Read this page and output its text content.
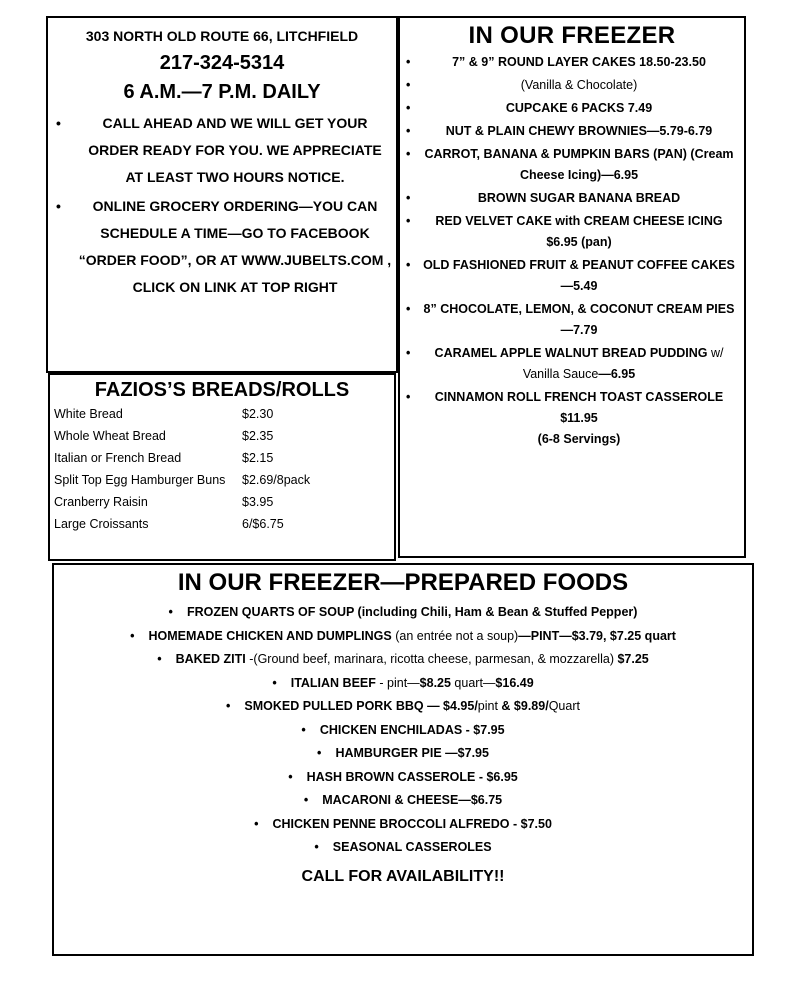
303 NORTH OLD ROUTE 66, LITCHFIELD
217-324-5314
6 A.M.—7 P.M. DAILY
• CALL AHEAD AND WE WILL GET YOUR ORDER READY FOR YOU. WE APPRECIATE AT LEAST TWO HOURS NOTICE.
• ONLINE GROCERY ORDERING—YOU CAN SCHEDULE A TIME—GO TO FACEBOOK “ORDER FOOD”, OR AT WWW.JUBELTS.COM , CLICK ON LINK AT TOP RIGHT
IN OUR FREEZER
•	7” & 9” ROUND LAYER CAKES 18.50-23.50
•	(Vanilla & Chocolate)
•	CUPCAKE 6 PACKS 7.49
•	NUT & PLAIN CHEWY BROWNIES—5.79-6.79
• CARROT, BANANA & PUMPKIN BARS (PAN) (Cream Cheese Icing)—6.95
•	BROWN SUGAR BANANA BREAD
• RED VELVET CAKE with CREAM CHEESE ICING $6.95 (pan)
• OLD FASHIONED FRUIT & PEANUT COFFEE CAKES—5.49
• 8” CHOCOLATE, LEMON, & COCONUT CREAM PIES—7.79
• CARAMEL APPLE WALNUT BREAD PUDDING w/ Vanilla Sauce—6.95
• CINNAMON ROLL FRENCH TOAST CASSEROLE $11.95
(6-8 Servings)
FAZIOS’S BREADS/ROLLS
White Bread	$2.30
Whole Wheat Bread	$2.35
Italian or French Bread	$2.15
Split Top Egg Hamburger Buns	$2.69/8pack
Cranberry Raisin	$3.95
Large Croissants	6/$6.75
IN OUR FREEZER—PREPARED FOODS
• FROZEN QUARTS OF SOUP (including Chili, Ham & Bean & Stuffed Pepper)
• HOMEMADE CHICKEN AND DUMPLINGS (an entrée not a soup)—PINT—$3.79, $7.25 quart
• BAKED ZITI -(Ground beef, marinara, ricotta cheese, parmesan, & mozzarella) $7.25
• ITALIAN BEEF - pint—$8.25 quart—$16.49
• SMOKED PULLED PORK BBQ — $4.95/pint & $9.89/Quart
• CHICKEN ENCHILADAS - $7.95
• HAMBURGER PIE —$7.95
• HASH BROWN CASSEROLE - $6.95
• MACARONI & CHEESE—$6.75
• CHICKEN PENNE BROCCOLI ALFREDO - $7.50
• SEASONAL CASSEROLES
CALL FOR AVAILABILITY!!
